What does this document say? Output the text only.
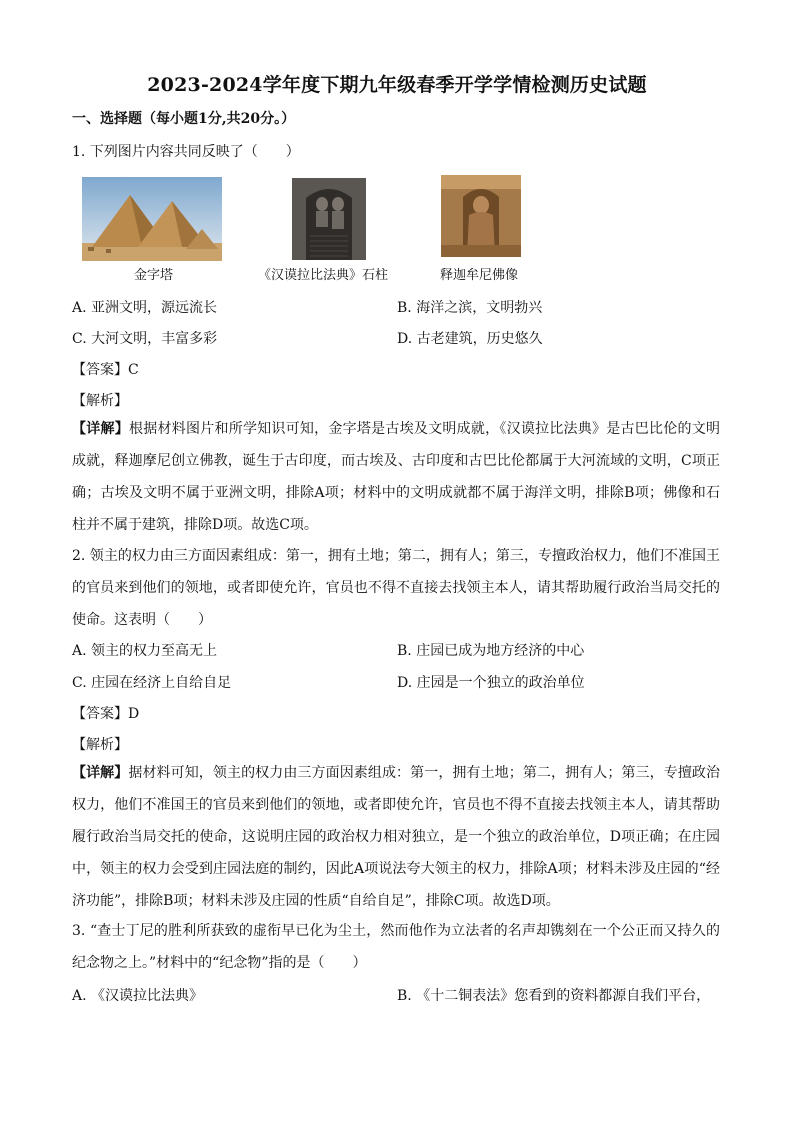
2023-2024学年度下期九年级春季开学学情检测历史试题
一、选择题（每小题1分,共20分。）
1. 下列图片内容共同反映了（　　）
金字塔	《汉谟拉比法典》石柱	释迦牟尼佛像
A. 亚洲文明，源远流长	B. 海洋之滨，文明勃兴
C. 大河文明，丰富多彩	D. 古老建筑，历史悠久
【答案】C
【解析】
【详解】根据材料图片和所学知识可知，金字塔是古埃及文明成就，《汉谟拉比法典》是古巴比伦的文明成就，释迦摩尼创立佛教，诞生于古印度，而古埃及、古印度和古巴比伦都属于大河流域的文明，C项正确；古埃及文明不属于亚洲文明，排除A项；材料中的文明成就都不属于海洋文明，排除B项；佛像和石柱并不属于建筑，排除D项。故选C项。
2. 领主的权力由三方面因素组成：第一，拥有土地；第二，拥有人；第三，专擅政治权力，他们不准国王的官员来到他们的领地，或者即使允许，官员也不得不直接去找领主本人，请其帮助履行政治当局交托的使命。这表明（　　）
A. 领主的权力至高无上	B. 庄园已成为地方经济的中心
C. 庄园在经济上自给自足	D. 庄园是一个独立的政治单位
【答案】D
【解析】
【详解】据材料可知，领主的权力由三方面因素组成：第一，拥有土地；第二，拥有人；第三，专擅政治权力，他们不准国王的官员来到他们的领地，或者即使允许，官员也不得不直接去找领主本人，请其帮助履行政治当局交托的使命，这说明庄园的政治权力相对独立，是一个独立的政治单位，D项正确；在庄园中，领主的权力会受到庄园法庭的制约，因此A项说法夸大领主的权力，排除A项；材料未涉及庄园的“经济功能”，排除B项；材料未涉及庄园的性质“自给自足”，排除C项。故选D项。
3. “查士丁尼的胜利所获致的虚衔早已化为尘土，然而他作为立法者的名声却镌刻在一个公正而又持久的纪念物之上。”材料中的“纪念物”指的是（　　）
A. 《汉谟拉比法典》	B. 《十二铜表法》您看到的资料都源自我们平台，
